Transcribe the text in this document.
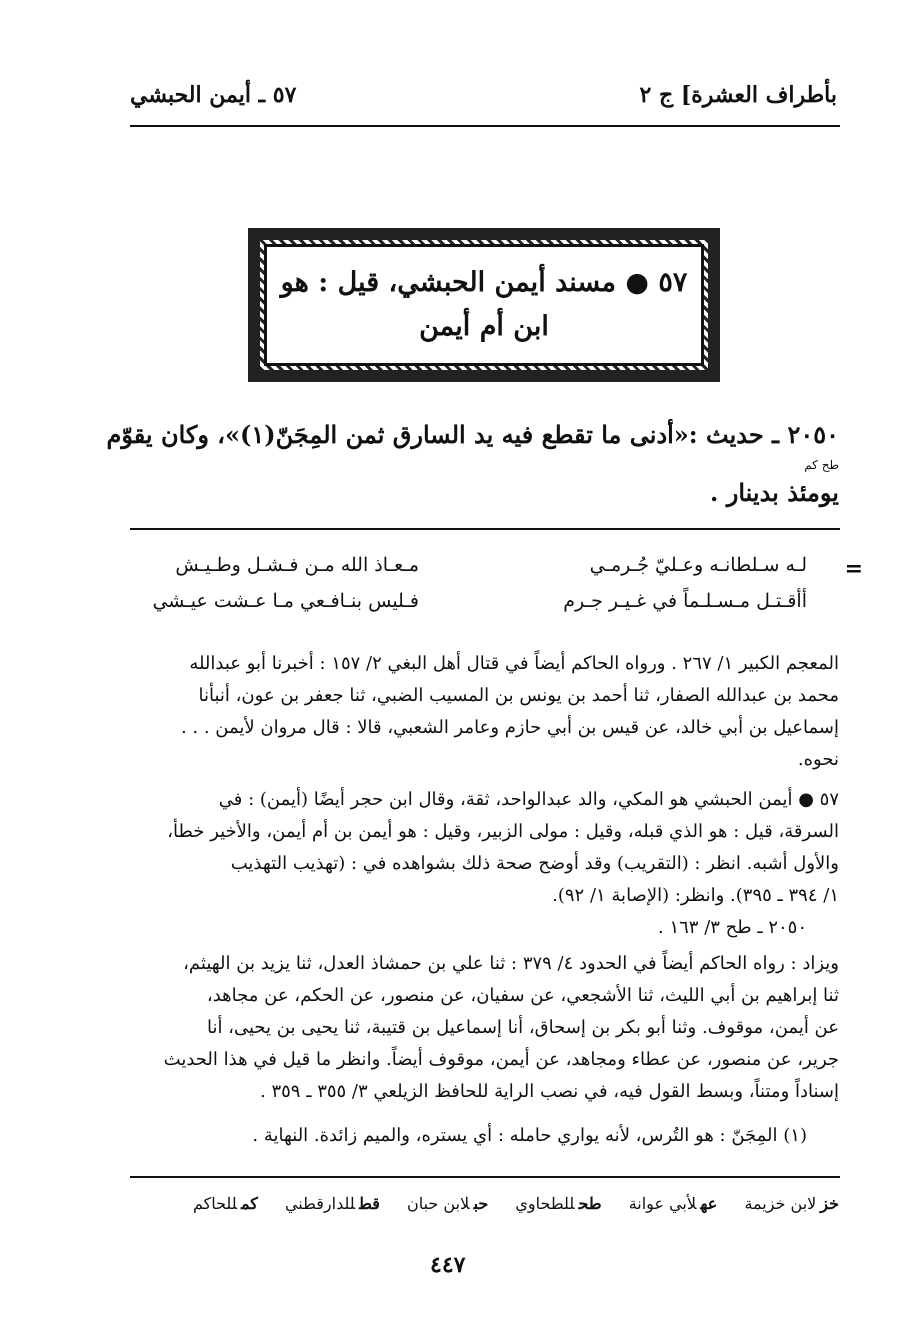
بأطراف العشرة] ج ٢
٥٧ ـ أيمن الحبشي
٥٧ ● مسند أيمن الحبشي، قيل : هو
ابن أم أيمن
٢٠٥٠ ـ حديث :«أدنى ما تقطع فيه يد السارق ثمن المِجَنّ(١)»، وكان يقوّم
طح كم
يومئذ بدينار .
=
لـه سـلطانـه وعـليّ جُـرمـي
مـعـاذ الله مـن فـشـل وطـيـش
أأقـتـل مـسـلـماً في غـيـر جـرم
فـليس بنـافـعي مـا عـشت عيـشي
المعجم الكبير ١/ ٢٦٧ . ورواه الحاكم أيضاً في قتال أهل البغي ٢/ ١٥٧ : أخبرنا أبو عبدالله
محمد بن عبدالله الصفار، ثنا أحمد بن يونس بن المسيب الضبي، ثنا جعفر بن عون، أنبأنا
إسماعيل بن أبي خالد، عن قيس بن أبي حازم وعامر الشعبي، قالا : قال مروان لأيمن . . .
نحوه.
٥٧ ● أيمن الحبشي هو المكي، والد عبدالواحد، ثقة، وقال ابن حجر أيضًا (أيمن) : في
السرقة، قيل : هو الذي قبله، وقيل : مولى الزبير، وقيل : هو أيمن بن أم أيمن، والأخير خطأ،
والأول أشبه. انظر : (التقريب) وقد أوضح صحة ذلك بشواهده في : (تهذيب التهذيب
١/ ٣٩٤ ـ ٣٩٥). وانظر: (الإصابة ١/ ٩٢).
٢٠٥٠ ـ طح ٣/ ١٦٣ .
ويزاد : رواه الحاكم أيضاً في الحدود ٤/ ٣٧٩ : ثنا علي بن حمشاذ العدل، ثنا يزيد بن الهيثم،
ثنا إبراهيم بن أبي الليث، ثنا الأشجعي، عن سفيان، عن منصور، عن الحكم، عن مجاهد،
عن أيمن، موقوف. وثنا أبو بكر بن إسحاق، أنا إسماعيل بن قتيبة، ثنا يحيى بن يحيى، أنا
جرير، عن منصور، عن عطاء ومجاهد، عن أيمن، موقوف أيضاً. وانظر ما قيل في هذا الحديث
إسناداً ومتناً، وبسط القول فيه، في نصب الراية للحافظ الزيلعي ٣/ ٣٥٥ ـ ٣٥٩ .
(١) المِجَنّ : هو التُرس، لأنه يواري حامله : أي يستره، والميم زائدة. النهاية .
خزلابن خزيمة عهلأبي عوانة طحللطحاوي حبلابن حبان قطللدارقطني كمللحاكم
٤٤٧
